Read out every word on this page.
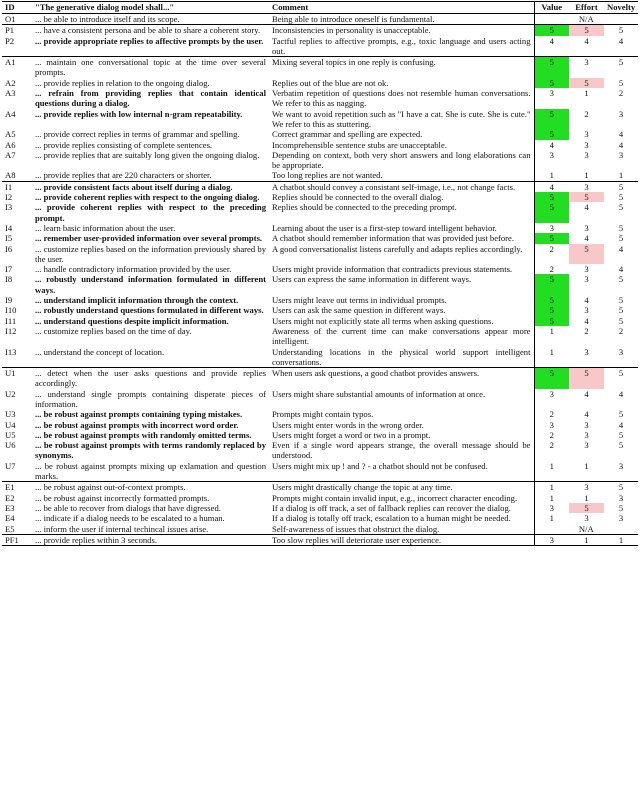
ID	"The generative dialog model shall..."	Comment	Value	Effort	Novelty
O1	... be able to introduce itself and its scope.	Being able to introduce oneself is fundamental.	N/A		
P1	... have a consistent persona and be able to share a coherent story.	Inconsistencies in personality is unacceptable.	5	5	5
P2	... provide appropriate replies to affective prompts by the user.	Tactful replies to affective prompts, e.g., toxic language and users acting out.	4	4	4
A1	... maintain one conversational topic at the time over several prompts.	Mixing several topics in one reply is confusing.	5	3	5
A2	... provide replies in relation to the ongoing dialog.	Replies out of the blue are not ok.	5	5	5
A3	... refrain from providing replies that contain identical questions during a dialog.	Verbatim repetition of questions does not resemble human conversations. We refer to this as nagging.	3	1	2
A4	... provide replies with low internal n-gram repeatability.	We want to avoid repetition such as "I have a cat. She is cute. She is cute." We refer to this as stuttering.	5	2	3
A5	... provide correct replies in terms of grammar and spelling.	Correct grammar and spelling are expected.	5	3	4
A6	... provide replies consisting of complete sentences.	Incomprehensible sentence stubs are unacceptable.	4	3	4
A7	... provide replies that are suitably long given the ongoing dialog.	Depending on context, both very short answers and long elaborations can be appropriate.	3	3	3
A8	... provide replies that are 220 characters or shorter.	Too long replies are not wanted.	1	1	1
I1	... provide consistent facts about itself during a dialog.	A chatbot should convey a consistant self-image, i.e., not change facts.	4	3	5
I2	... provide coherent replies with respect to the ongoing dialog.	Replies should be connected to the overall dialog.	5	5	5
I3	... provide coherent replies with respect to the preceding prompt.	Replies should be connected to the preceding prompt.	5	4	5
I4	... learn basic information about the user.	Learning about the user is a first-step toward intelligent behavior.	3	3	5
I5	... remember user-provided information over several prompts.	A chatbot should remember information that was provided just before.	5	4	5
I6	... customize replies based on the information previously shared by the user.	A good conversationalist listens carefully and adapts replies accordingly.	2	5	4
I7	... handle contradictory information provided by the user.	Users might provide information that contradicts previous statements.	2	3	4
I8	... robustly understand information formulated in different ways.	Users can express the same information in different ways.	5	3	5
I9	... understand implicit information through the context.	Users might leave out terms in individual prompts.	5	4	5
I10	... robustly understand questions formulated in different ways.	Users can ask the same question in different ways.	5	3	5
I11	... understand questions despite implicit information.	Users might not explicitly state all terms when asking questions.	5	4	5
I12	... customize replies based on the time of day.	Awareness of the current time can make conversations appear more intelligent.	1	2	2
I13	... understand the concept of location.	Understanding locations in the physical world support intelligent conversations.	1	3	3
U1	... detect when the user asks questions and provide replies accordingly.	When users ask questions, a good chatbot provides answers.	5	5	5
U2	... understand single prompts containing disperate pieces of information.	Users might share substantial amounts of information at once.	3	4	4
U3	... be robust against prompts containing typing mistakes.	Prompts might contain typos.	2	4	5
U4	... be robust against prompts with incorrect word order.	Users might enter words in the wrong order.	3	3	4
U5	... be robust against prompts with randomly omitted terms.	Users might forget a word or two in a prompt.	2	3	5
U6	... be robust against prompts with terms randomly replaced by synonyms.	Even if a single word appears strange, the overall message should be understood.	2	3	5
U7	... be robust against prompts mixing up exlamation and question marks.	Users might mix up ! and ? - a chatbot should not be confused.	1	1	3
E1	... be robust against out-of-context prompts.	Users might drastically change the topic at any time.	1	3	5
E2	... be robust against incorrectly formatted prompts.	Prompts might contain invalid input, e.g., incorrect character encoding.	1	1	3
E3	... be able to recover from dialogs that have digressed.	If a dialog is off track, a set of fallback replies can recover the dialog.	3	5	5
E4	... indicate if a dialog needs to be escalated to a human.	If a dialog is totally off track, escalation to a human might be needed.	1	3	3
E5	... inform the user if internal techincal issues arise.	Self-awareness of issues that obstruct the dialog.	N/A		
PF1	... provide replies within 3 seconds.	Too slow replies will deteriorate user experience.	3	1	1
